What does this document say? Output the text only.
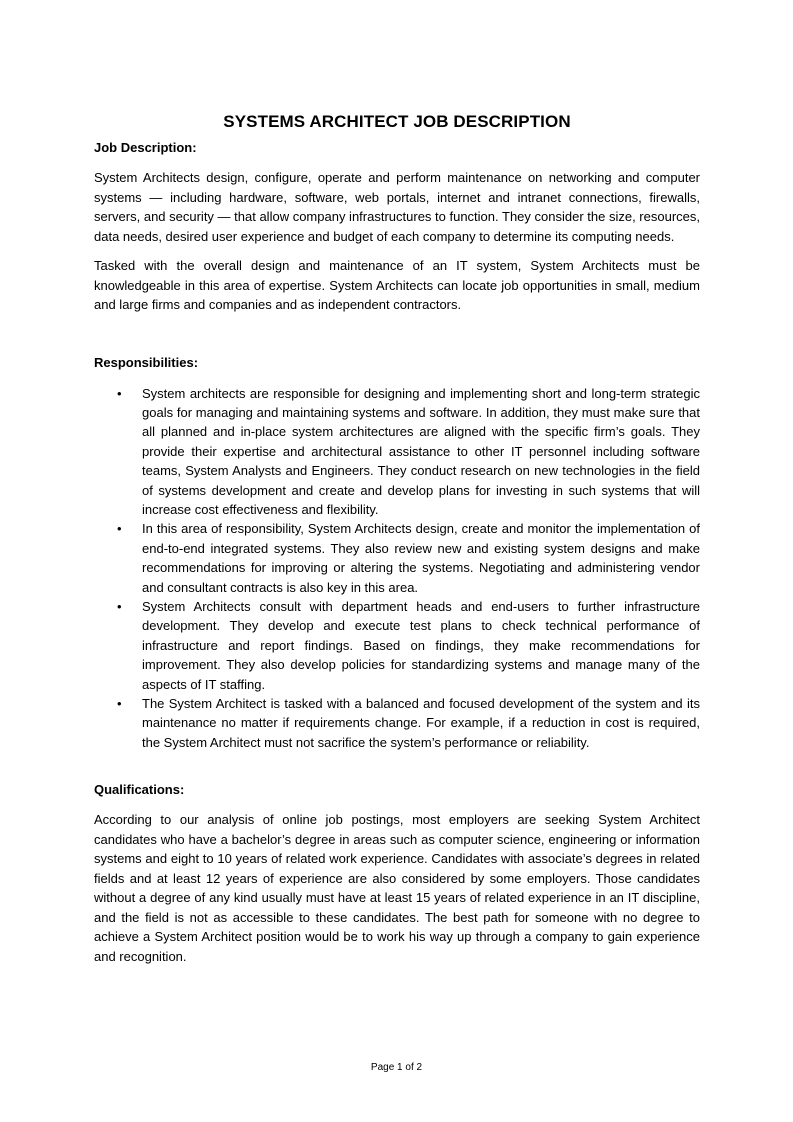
SYSTEMS ARCHITECT JOB DESCRIPTION

Job Description:

System Architects design, configure, operate and perform maintenance on networking and computer systems — including hardware, software, web portals, internet and intranet connections, firewalls, servers, and security — that allow company infrastructures to function. They consider the size, resources, data needs, desired user experience and budget of each company to determine its computing needs.

Tasked with the overall design and maintenance of an IT system, System Architects must be knowledgeable in this area of expertise. System Architects can locate job opportunities in small, medium and large firms and companies and as independent contractors.

Responsibilities:

• System architects are responsible for designing and implementing short and long-term strategic goals for managing and maintaining systems and software. In addition, they must make sure that all planned and in-place system architectures are aligned with the specific firm’s goals. They provide their expertise and architectural assistance to other IT personnel including software teams, System Analysts and Engineers. They conduct research on new technologies in the field of systems development and create and develop plans for investing in such systems that will increase cost effectiveness and flexibility.
• In this area of responsibility, System Architects design, create and monitor the implementation of end-to-end integrated systems. They also review new and existing system designs and make recommendations for improving or altering the systems. Negotiating and administering vendor and consultant contracts is also key in this area.
• System Architects consult with department heads and end-users to further infrastructure development. They develop and execute test plans to check technical performance of infrastructure and report findings. Based on findings, they make recommendations for improvement. They also develop policies for standardizing systems and manage many of the aspects of IT staffing.
• The System Architect is tasked with a balanced and focused development of the system and its maintenance no matter if requirements change. For example, if a reduction in cost is required, the System Architect must not sacrifice the system’s performance or reliability.

Qualifications:

According to our analysis of online job postings, most employers are seeking System Architect candidates who have a bachelor’s degree in areas such as computer science, engineering or information systems and eight to 10 years of related work experience. Candidates with associate’s degrees in related fields and at least 12 years of experience are also considered by some employers. Those candidates without a degree of any kind usually must have at least 15 years of related experience in an IT discipline, and the field is not as accessible to these candidates. The best path for someone with no degree to achieve a System Architect position would be to work his way up through a company to gain experience and recognition.

Page 1 of 2
